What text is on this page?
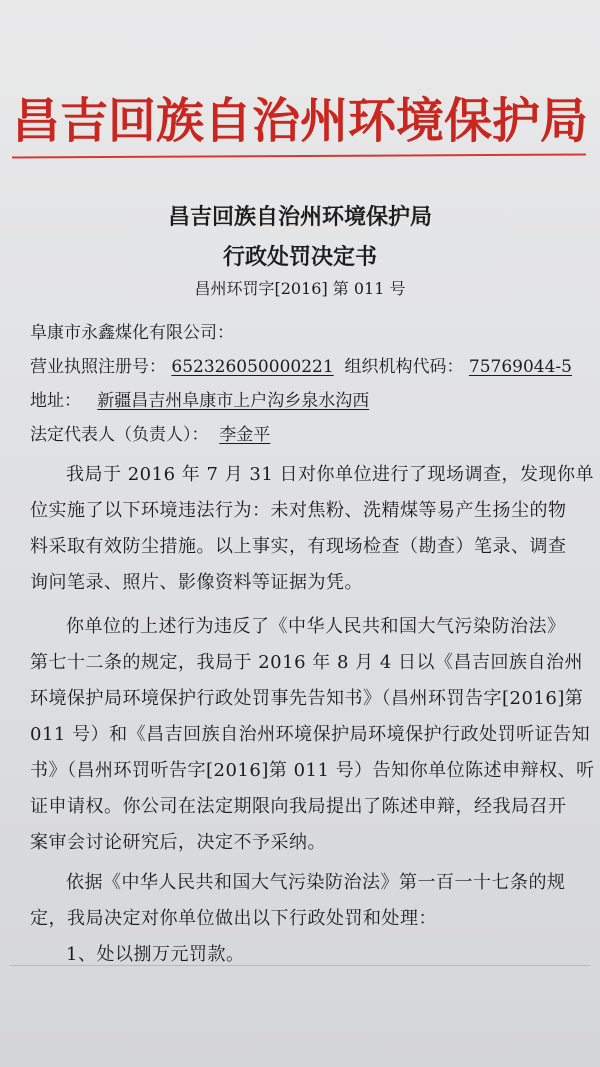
昌吉回族自治州环境保护局
昌吉回族自治州环境保护局
行政处罚决定书
昌州环罚字[2016] 第 011 号
阜康市永鑫煤化有限公司：
营业执照注册号： 652326050000221 组织机构代码： 75769044-5
地址： 新疆昌吉州阜康市上户沟乡泉水沟西
法定代表人（负责人）： 李金平
我局于 2016 年 7 月 31 日对你单位进行了现场调查，发现你单
位实施了以下环境违法行为：未对焦粉、洗精煤等易产生扬尘的物
料采取有效防尘措施。以上事实，有现场检查（勘查）笔录、调查
询问笔录、照片、影像资料等证据为凭。
你单位的上述行为违反了《中华人民共和国大气污染防治法》
第七十二条的规定，我局于 2016 年 8 月 4 日以《昌吉回族自治州
环境保护局环境保护行政处罚事先告知书》（昌州环罚告字[2016]第
011 号）和《昌吉回族自治州环境保护局环境保护行政处罚听证告知
书》（昌州环罚听告字[2016]第 011 号）告知你单位陈述申辩权、听
证申请权。你公司在法定期限向我局提出了陈述申辩，经我局召开
案审会讨论研究后，决定不予采纳。
依据《中华人民共和国大气污染防治法》第一百一十七条的规
定，我局决定对你单位做出以下行政处罚和处理：
1、处以捌万元罚款。
